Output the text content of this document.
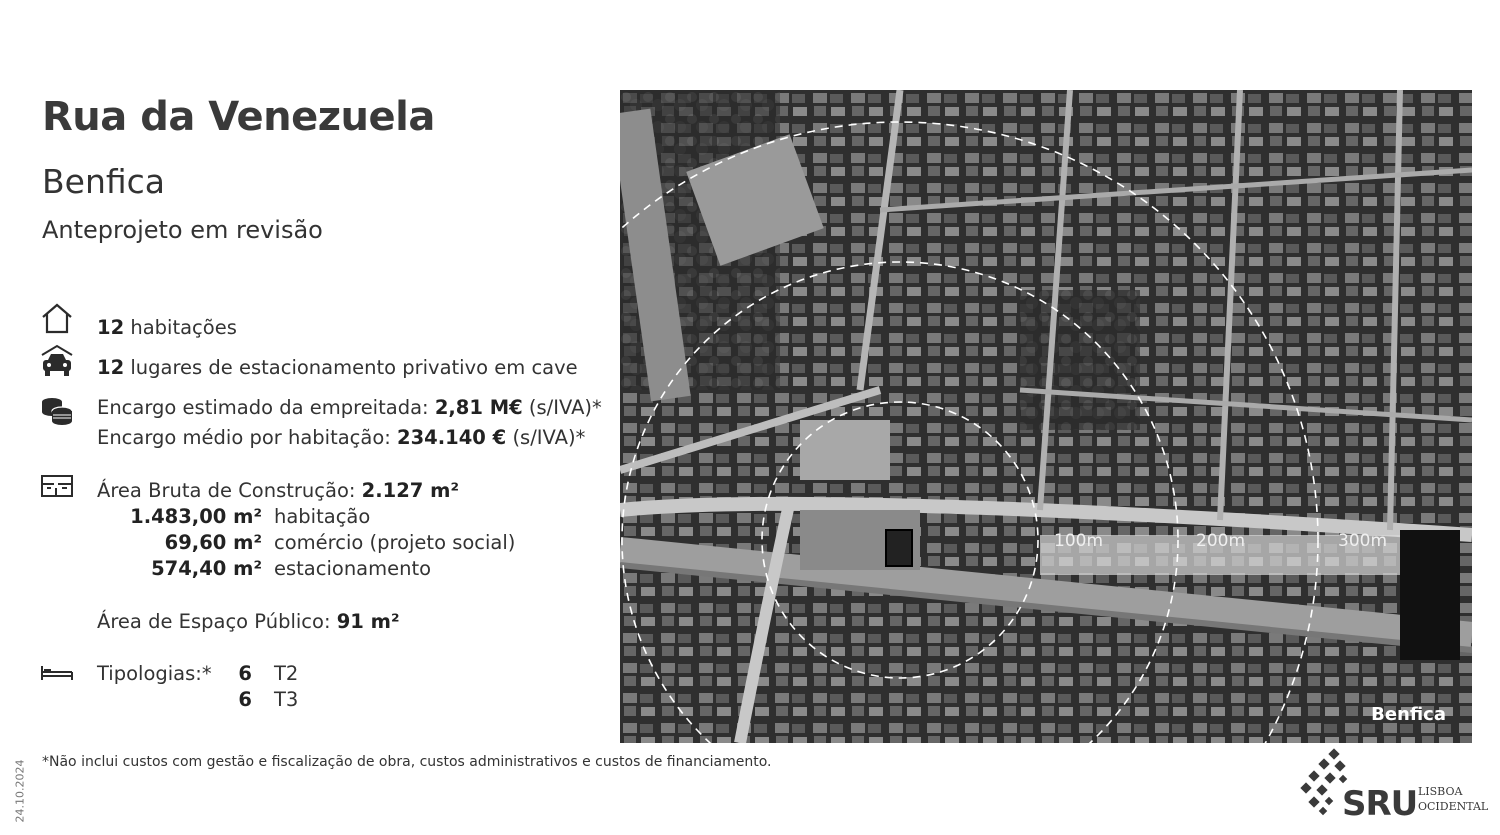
Rua da Venezuela
Benfica
Anteprojeto em revisão
12 habitações
12 lugares de estacionamento privativo em cave
Encargo estimado da empreitada: 2,81 M€ (s/IVA)*
Encargo médio por habitação: 234.140 € (s/IVA)*
Área Bruta de Construção: 2.127 m²
1.483,00 m² habitação
69,60 m² comércio (projeto social)
574,40 m² estacionamento
Área de Espaço Público: 91 m²
Tipologias:*	6 T2
6 T3
*Não inclui custos com gestão e fiscalização de obra, custos administrativos e custos de financiamento.
24.10.2024
100m	200m	300m
Benfica
SRU LISBOA
OCIDENTAL
